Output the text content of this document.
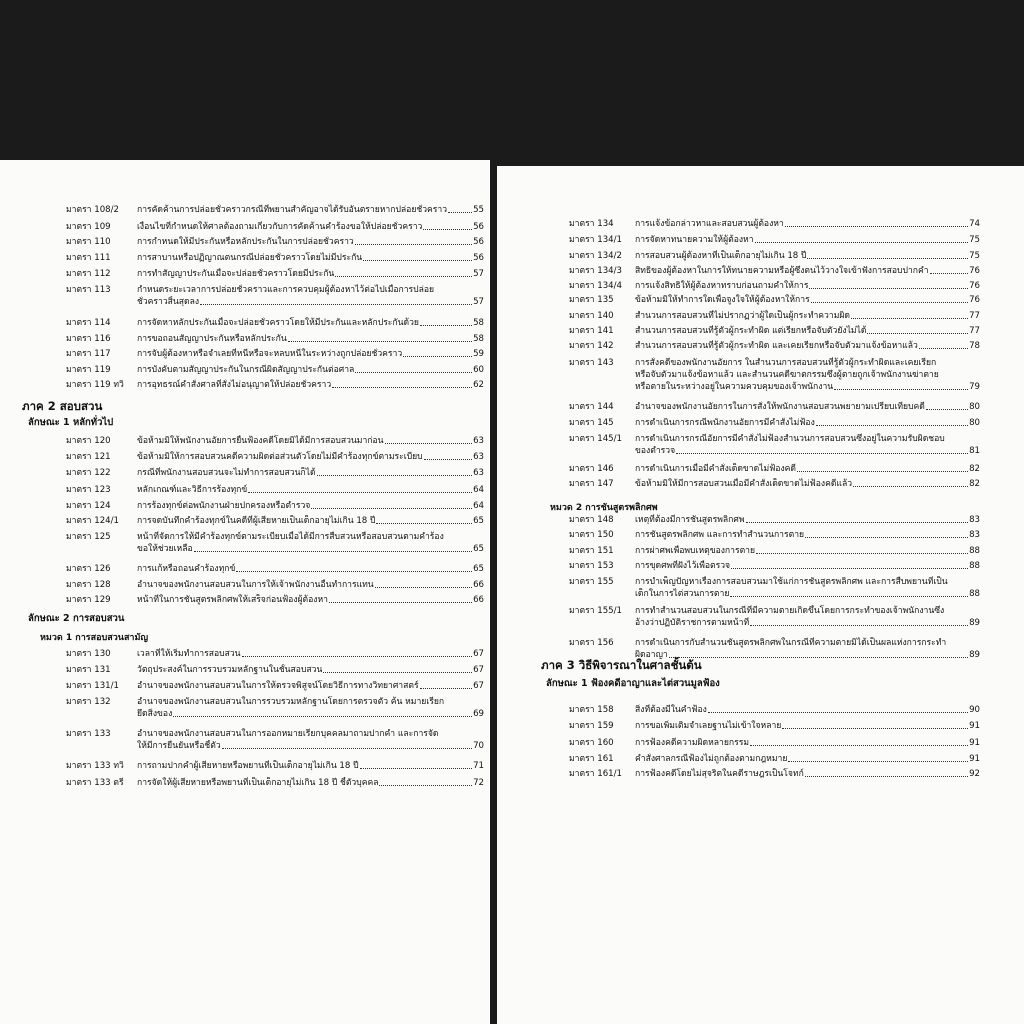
มาตรา 108/2	การคัดค้านการปล่อยชั่วคราวกรณีที่พยานสำคัญอาจได้รับอันตรายหากปล่อยชั่วคราว	55
มาตรา 109	เงื่อนไขที่กำหนดให้ศาลต้องถามเกี่ยวกับการคัดค้านคำร้องขอให้ปล่อยชั่วคราว	56
มาตรา 110	การกำหนดให้มีประกันหรือหลักประกันในการปล่อยชั่วคราว	56
มาตรา 111	การสาบานหรือปฏิญาณตนกรณีปล่อยชั่วคราวโดยไม่มีประกัน	56
มาตรา 112	การทำสัญญาประกันเมื่อจะปล่อยชั่วคราวโดยมีประกัน	57
มาตรา 113	กำหนดระยะเวลาการปล่อยชั่วคราวและการควบคุมผู้ต้องหาไว้ต่อไปเมื่อการปล่อย
ชั่วคราวสิ้นสุดลง	57
มาตรา 114	การจัดหาหลักประกันเมื่อจะปล่อยชั่วคราวโดยให้มีประกันและหลักประกันด้วย	58
มาตรา 116	การขอถอนสัญญาประกันหรือหลักประกัน	58
มาตรา 117	การจับผู้ต้องหาหรือจำเลยที่หนีหรือจะหลบหนีในระหว่างถูกปล่อยชั่วคราว	59
มาตรา 119	การบังคับตามสัญญาประกันในกรณีผิดสัญญาประกันต่อศาล	60
มาตรา 119 ทวิ	การอุทธรณ์คำสั่งศาลที่สั่งไม่อนุญาตให้ปล่อยชั่วคราว	62
ภาค 2 สอบสวน
ลักษณะ 1 หลักทั่วไป
มาตรา 120	ข้อห้ามมิให้พนักงานอัยการยื่นฟ้องคดีโดยมิได้มีการสอบสวนมาก่อน	63
มาตรา 121	ข้อห้ามมิให้การสอบสวนคดีความผิดต่อส่วนตัวโดยไม่มีคำร้องทุกข์ตามระเบียบ	63
มาตรา 122	กรณีที่พนักงานสอบสวนจะไม่ทำการสอบสวนก็ได้	63
มาตรา 123	หลักเกณฑ์และวิธีการร้องทุกข์	64
มาตรา 124	การร้องทุกข์ต่อพนักงานฝ่ายปกครองหรือตำรวจ	64
มาตรา 124/1	การจดบันทึกคำร้องทุกข์ในคดีที่ผู้เสียหายเป็นเด็กอายุไม่เกิน 18 ปี	65
มาตรา 125	หน้าที่จัดการให้มีคำร้องทุกข์ตามระเบียบเมื่อได้มีการสืบสวนหรือสอบสวนตามคำร้อง
ขอให้ช่วยเหลือ	65
มาตรา 126	การแก้หรือถอนคำร้องทุกข์	65
มาตรา 128	อำนาจของพนักงานสอบสวนในการให้เจ้าพนักงานอื่นทำการแทน	66
มาตรา 129	หน้าที่ในการชันสูตรพลิกศพให้เสร็จก่อนฟ้องผู้ต้องหา	66
ลักษณะ 2 การสอบสวน
หมวด 1 การสอบสวนสามัญ
มาตรา 130	เวลาที่ให้เริ่มทำการสอบสวน	67
มาตรา 131	วัตถุประสงค์ในการรวบรวมหลักฐานในชั้นสอบสวน	67
มาตรา 131/1	อำนาจของพนักงานสอบสวนในการให้ตรวจพิสูจน์โดยวิธีการทางวิทยาศาสตร์	67
มาตรา 132	อำนาจของพนักงานสอบสวนในการรวบรวมหลักฐานโดยการตรวจตัว ค้น หมายเรียก
ยึดสิ่งของ	69
มาตรา 133	อำนาจของพนักงานสอบสวนในการออกหมายเรียกบุคคลมาถามปากคำ และการจัด
ให้มีการยืนยันหรือชี้ตัว	70
มาตรา 133 ทวิ	การถามปากคำผู้เสียหายหรือพยานที่เป็นเด็กอายุไม่เกิน 18 ปี	71
มาตรา 133 ตรี	การจัดให้ผู้เสียหายหรือพยานที่เป็นเด็กอายุไม่เกิน 18 ปี ชี้ตัวบุคคล	72
มาตรา 134	การแจ้งข้อกล่าวหาและสอบสวนผู้ต้องหา	74
มาตรา 134/1	การจัดหาทนายความให้ผู้ต้องหา	75
มาตรา 134/2	การสอบสวนผู้ต้องหาที่เป็นเด็กอายุไม่เกิน 18 ปี	75
มาตรา 134/3	สิทธิของผู้ต้องหาในการให้ทนายความหรือผู้ซึ่งตนไว้วางใจเข้าฟังการสอบปากคำ	76
มาตรา 134/4	การแจ้งสิทธิให้ผู้ต้องหาทราบก่อนถามคำให้การ	76
มาตรา 135	ข้อห้ามมิให้ทำการใดเพื่อจูงใจให้ผู้ต้องหาให้การ	76
มาตรา 140	สำนวนการสอบสวนที่ไม่ปรากฏว่าผู้ใดเป็นผู้กระทำความผิด	77
มาตรา 141	สำนวนการสอบสวนที่รู้ตัวผู้กระทำผิด แต่เรียกหรือจับตัวยังไม่ได้	77
มาตรา 142	สำนวนการสอบสวนที่รู้ตัวผู้กระทำผิด และเคยเรียกหรือจับตัวมาแจ้งข้อหาแล้ว	78
มาตรา 143	การสั่งคดีของพนักงานอัยการ ในสำนวนการสอบสวนที่รู้ตัวผู้กระทำผิดและเคยเรียก
หรือจับตัวมาแจ้งข้อหาแล้ว และสำนวนคดีฆาตกรรมซึ่งผู้ตายถูกเจ้าพนักงานฆ่าตาย
หรือตายในระหว่างอยู่ในความควบคุมของเจ้าพนักงาน	79
มาตรา 144	อำนาจของพนักงานอัยการในการสั่งให้พนักงานสอบสวนพยายามเปรียบเทียบคดี	80
มาตรา 145	การดำเนินการกรณีพนักงานอัยการมีคำสั่งไม่ฟ้อง	80
มาตรา 145/1	การดำเนินการกรณีอัยการมีคำสั่งไม่ฟ้องสำนวนการสอบสวนซึ่งอยู่ในความรับผิดชอบ
ของตำรวจ	81
มาตรา 146	การดำเนินการเมื่อมีคำสั่งเด็ดขาดไม่ฟ้องคดี	82
มาตรา 147	ข้อห้ามมิให้มีการสอบสวนเมื่อมีคำสั่งเด็ดขาดไม่ฟ้องคดีแล้ว	82
หมวด 2 การชันสูตรพลิกศพ
มาตรา 148	เหตุที่ต้องมีการชันสูตรพลิกศพ	83
มาตรา 150	การชันสูตรพลิกศพ และการทำสำนวนการตาย	83
มาตรา 151	การผ่าศพเพื่อพบเหตุของการตาย	88
มาตรา 153	การขุดศพที่ฝังไว้เพื่อตรวจ	88
มาตรา 155	การบำเพ็ญปัญหาเรื่องการสอบสวนมาใช้แก่การชันสูตรพลิกศพ และการสืบพยานที่เป็น
เด็กในการไต่สวนการตาย	88
มาตรา 155/1	การทำสำนวนสอบสวนในกรณีที่มีความตายเกิดขึ้นโดยการกระทำของเจ้าพนักงานซึ่ง
อ้างว่าปฏิบัติราชการตามหน้าที่	89
มาตรา 156	การดำเนินการกับสำนวนชันสูตรพลิกศพในกรณีที่ความตายมิได้เป็นผลแห่งการกระทำ
ผิดอาญา	89
ภาค 3 วิธีพิจารณาในศาลชั้นต้น
ลักษณะ 1 ฟ้องคดีอาญาและไต่สวนมูลฟ้อง
มาตรา 158	สิ่งที่ต้องมีในคำฟ้อง	90
มาตรา 159	การขอเพิ่มเติมจำเลยฐานไม่เข้าใจหลาย	91
มาตรา 160	การฟ้องคดีความผิดหลายกรรม	91
มาตรา 161	คำสั่งศาลกรณีฟ้องไม่ถูกต้องตามกฎหมาย	91
มาตรา 161/1	การฟ้องคดีโดยไม่สุจริตในคดีราษฎรเป็นโจทก์	92
